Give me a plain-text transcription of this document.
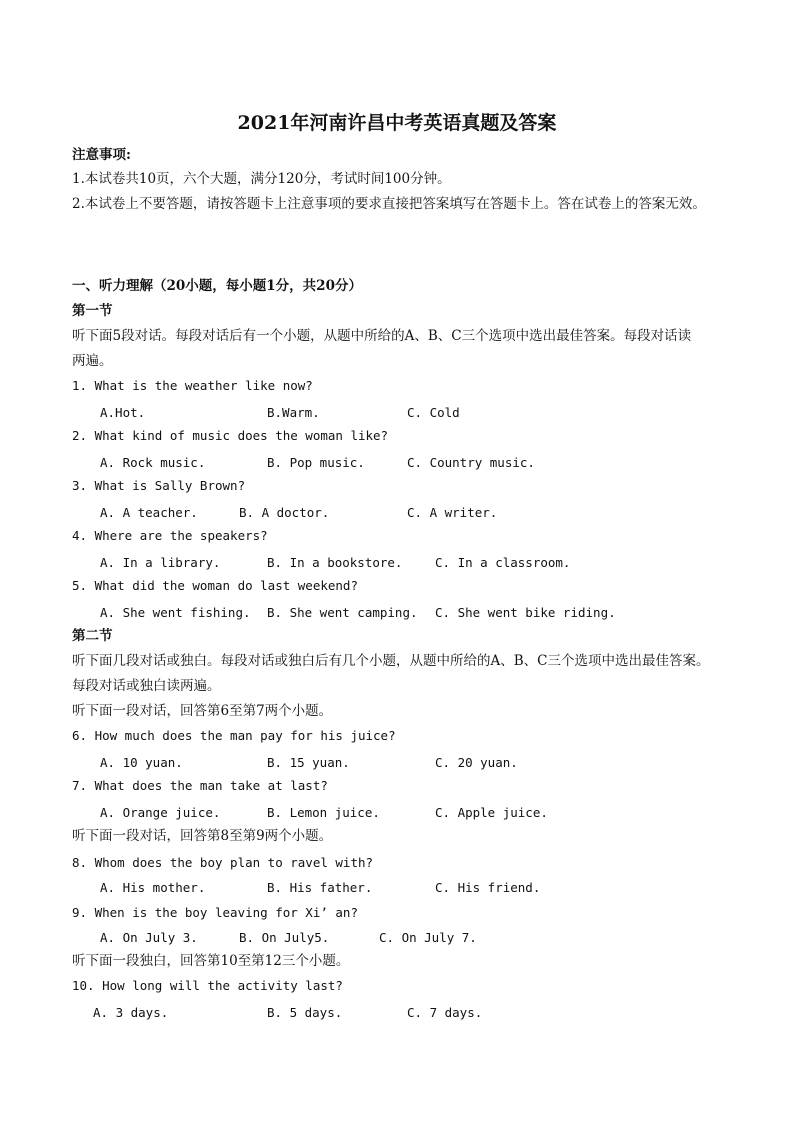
2021年河南许昌中考英语真题及答案
注意事项:
1.本试卷共10页，六个大题，满分120分，考试时间100分钟。
2.本试卷上不要答题，请按答题卡上注意事项的要求直接把答案填写在答题卡上。答在试卷上的答案无效。
一、听力理解（20小题，每小题1分，共20分）
第一节
听下面5段对话。每段对话后有一个小题，从题中所给的A、B、C三个选项中选出最佳答案。每段对话读
两遍。
1. What is the weather like now?
A.Hot.	B.Warm.	C. Cold
2. What kind of music does the woman like?
A. Rock music.	B. Pop music.	C. Country music.
3. What is Sally Brown?
A. A teacher.	B. A doctor.	C. A writer.
4. Where are the speakers?
A. In a library.	B. In a bookstore.	C. In a classroom.
5. What did the woman do last weekend?
A. She went fishing. B. She went camping. C. She went bike riding.
第二节
听下面几段对话或独白。每段对话或独白后有几个小题，从题中所给的A、B、C三个选项中选出最佳答案。
每段对话或独白读两遍。
听下面一段对话，回答第6至第7两个小题。
6. How much does the man pay for his juice?
A. 10 yuan.	B. 15 yuan.	C. 20 yuan.
7. What does the man take at last?
A. Orange juice.	B. Lemon juice.	C. Apple juice.
听下面一段对话，回答第8至第9两个小题。
8. Whom does the boy plan to ravel with?
A. His mother.	B. His father.	C. His friend.
9. When is the boy leaving for Xi’ an?
A. On July 3.	B. On July5.	C. On July 7.
听下面一段独白，回答第10至第12三个小题。
10. How long will the activity last?
A. 3 days.	B. 5 days.	C. 7 days.
